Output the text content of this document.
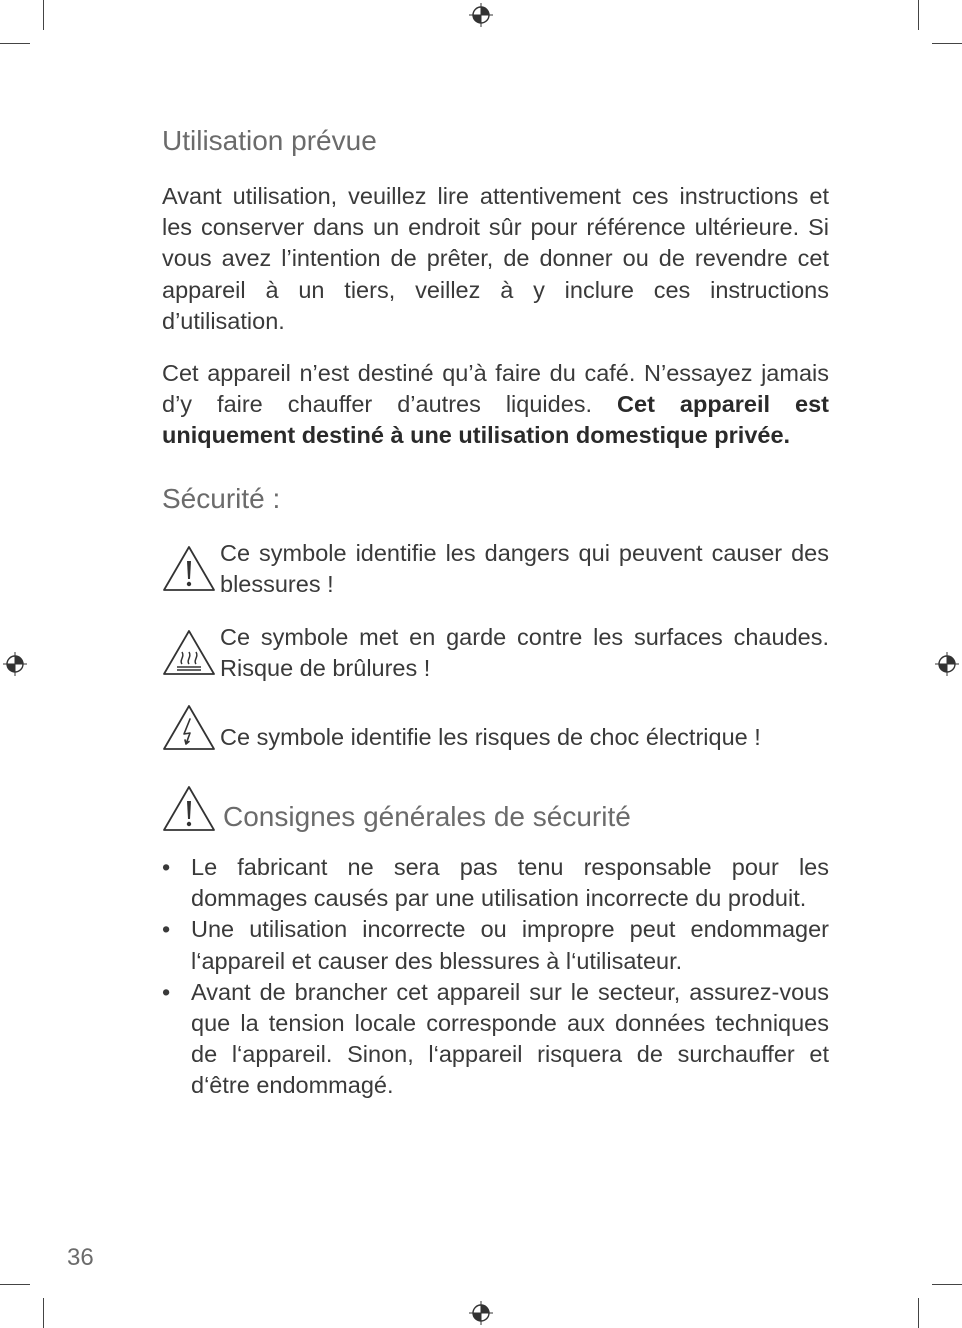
Utilisation prévue

Avant utilisation, veuillez lire attentivement ces instructions et les conserver dans un endroit sûr pour référence ultérieure. Si vous avez l’intention de prêter, de donner ou de revendre cet appareil à un tiers, veillez à y inclure ces instructions d’utilisation.

Cet appareil n’est destiné qu’à faire du café. N’essayez jamais d’y faire chauffer d’autres liquides. Cet appareil est uniquement destiné à une utilisation domestique privée.

Sécurité :

Ce symbole identifie les dangers qui peuvent causer des blessures !

Ce symbole met en garde contre les surfaces chaudes. Risque de brûlures !

Ce symbole identifie les risques de choc électrique !

Consignes générales de sécurité
• Le fabricant ne sera pas tenu responsable pour les dommages causés par une utilisation incorrecte du produit.
• Une utilisation incorrecte ou impropre peut endommager l‘appareil et causer des blessures à l‘utilisateur.
• Avant de brancher cet appareil sur le secteur, assurez-vous que la tension locale corresponde aux données techniques de l‘appareil. Sinon, l‘appareil risquera de surchauffer et d‘être endommagé.
36
